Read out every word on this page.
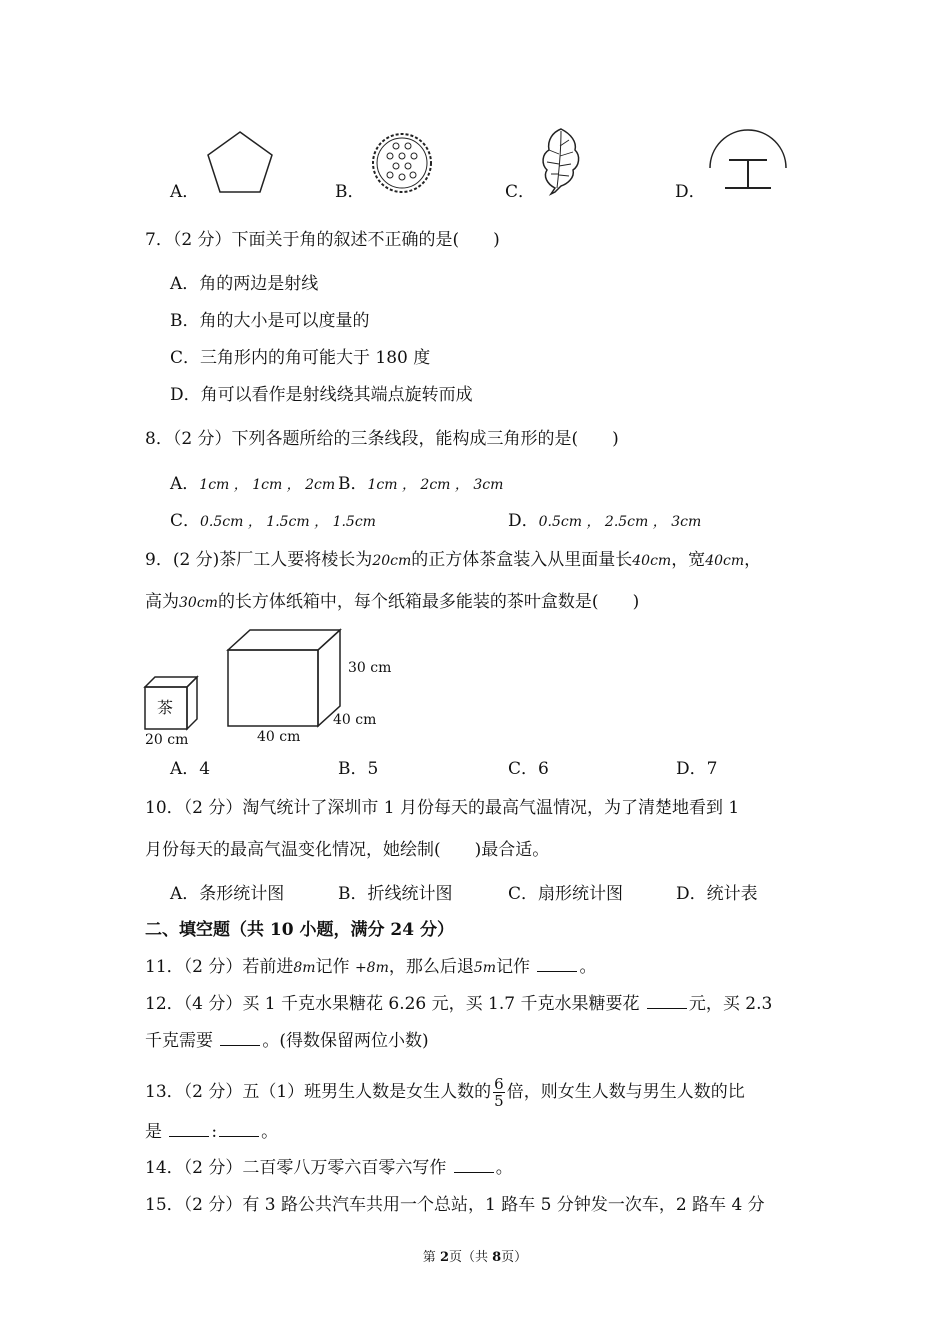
A．	B．	C．	D．
7．（2 分）下面关于角的叙述不正确的是(　　)
A．角的两边是射线
B．角的大小是可以度量的
C．三角形内的角可能大于 180 度
D．角可以看作是射线绕其端点旋转而成
8．（2 分）下列各题所给的三条线段，能构成三角形的是(　　)
A．1cm ， 1cm ， 2cm B．1cm ， 2cm ， 3cm
C．0.5cm ， 1.5cm ， 1.5cm	D．0.5cm ， 2.5cm ， 3cm
9．(2 分)茶厂工人要将棱长为20cm的正方体茶盒装入从里面量长40cm，宽40cm，
高为30cm的长方体纸箱中，每个纸箱最多能装的茶叶盒数是(　　)
茶
20 cm
30 cm
40 cm
40 cm
A．4	B．5	C．6	D．7
10．（2 分）淘气统计了深圳市 1 月份每天的最高气温情况，为了清楚地看到 1
月份每天的最高气温变化情况，她绘制(　　)最合适。
A．条形统计图	B．折线统计图	C．扇形统计图	D．统计表
二、填空题（共 10 小题，满分 24 分）
11．（2 分）若前进8m记作 +8m，那么后退5m记作	。
12．（4 分）买 1 千克水果糖花 6.26 元，买 1.7 千克水果糖要花	元，买 2.3
千克需要	。(得数保留两位小数)
13．（2 分）五（1）班男生人数是女生人数的 $\frac{6}{5}$ 倍，则女生人数与男生人数的比
是	:	。
14．（2 分）二百零八万零六百零六写作	。
15．（2 分）有 3 路公共汽车共用一个总站，1 路车 5 分钟发一次车，2 路车 4 分
第 2页（共 8页）
